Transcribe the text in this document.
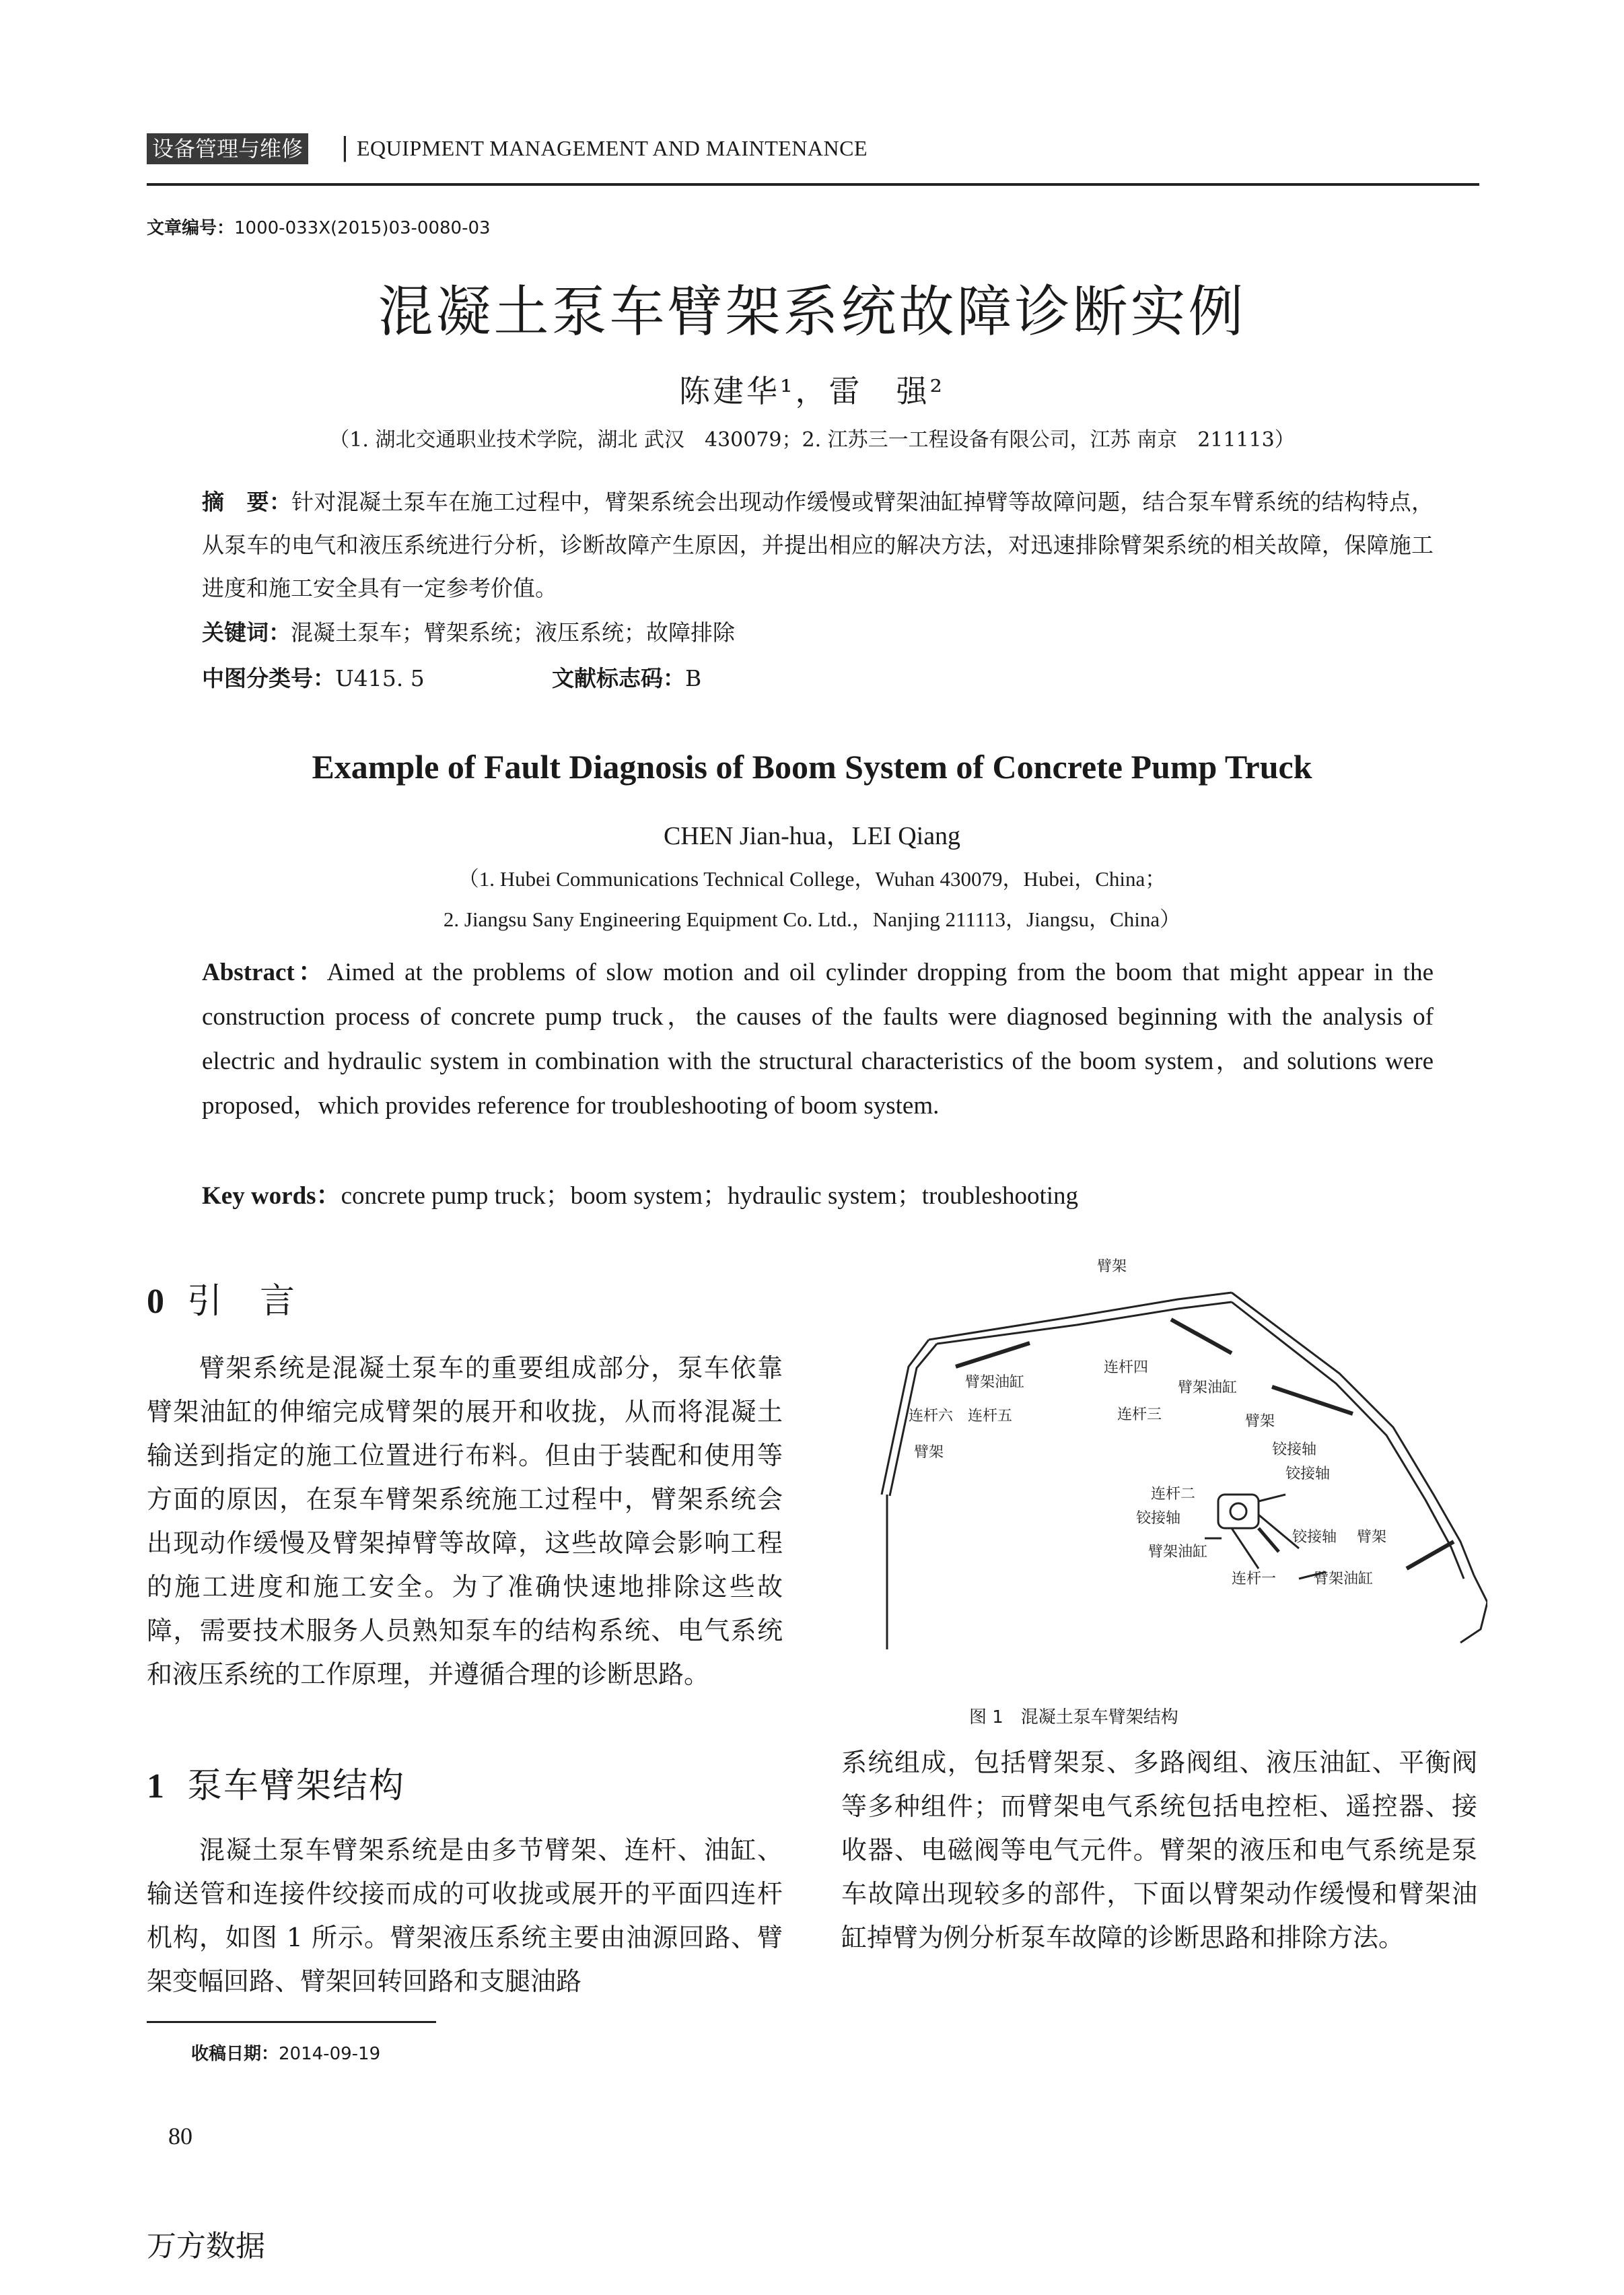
设备管理与维修 | EQUIPMENT MANAGEMENT AND MAINTENANCE
文章编号：1000-033X(2015)03-0080-03
混凝土泵车臂架系统故障诊断实例
陈建华¹，雷　强²
（1. 湖北交通职业技术学院，湖北 武汉　430079；2. 江苏三一工程设备有限公司，江苏 南京　211113）
摘　要：针对混凝土泵车在施工过程中，臂架系统会出现动作缓慢或臂架油缸掉臂等故障问题，结合泵车臂系统的结构特点，从泵车的电气和液压系统进行分析，诊断故障产生原因，并提出相应的解决方法，对迅速排除臂架系统的相关故障，保障施工进度和施工安全具有一定参考价值。
关键词：混凝土泵车；臂架系统；液压系统；故障排除
中图分类号：U415. 5	文献标志码：B
Example of Fault Diagnosis of Boom System of Concrete Pump Truck
CHEN Jian-hua，LEI Qiang
（1. Hubei Communications Technical College，Wuhan 430079，Hubei，China；
2. Jiangsu Sany Engineering Equipment Co. Ltd.，Nanjing 211113，Jiangsu，China）
Abstract：Aimed at the problems of slow motion and oil cylinder dropping from the boom that might appear in the construction process of concrete pump truck，the causes of the faults were diagnosed beginning with the analysis of electric and hydraulic system in combination with the structural characteristics of the boom system，and solutions were proposed，which provides reference for troubleshooting of boom system.
Key words：concrete pump truck；boom system；hydraulic system；troubleshooting
0 引　言

臂架系统是混凝土泵车的重要组成部分，泵车依靠臂架油缸的伸缩完成臂架的展开和收拢，从而将混凝土输送到指定的施工位置进行布料。但由于装配和使用等方面的原因，在泵车臂架系统施工过程中，臂架系统会出现动作缓慢及臂架掉臂等故障，这些故障会影响工程的施工进度和施工安全。为了准确快速地排除这些故障，需要技术服务人员熟知泵车的结构系统、电气系统和液压系统的工作原理，并遵循合理的诊断思路。

1 泵车臂架结构

混凝土泵车臂架系统是由多节臂架、连杆、油缸、输送管和连接件绞接而成的可收拢或展开的平面四连杆机构，如图 1 所示。臂架液压系统主要由油源回路、臂架变幅回路、臂架回转回路和支腿油路

臂架
臂架油缸
连杆四
臂架油缸
连杆六 连杆五	连杆三	臂架
臂架	铰接轴
铰接轴
连杆二
铰接轴
铰接轴 臂架
臂架油缸
连杆一	臂架油缸
图 1　混凝土泵车臂架结构
系统组成，包括臂架泵、多路阀组、液压油缸、平衡阀等多种组件；而臂架电气系统包括电控柜、遥控器、接收器、电磁阀等电气元件。臂架的液压和电气系统是泵车故障出现较多的部件，下面以臂架动作缓慢和臂架油缸掉臂为例分析泵车故障的诊断思路和排除方法。
收稿日期：2014-09-19
80
万方数据
